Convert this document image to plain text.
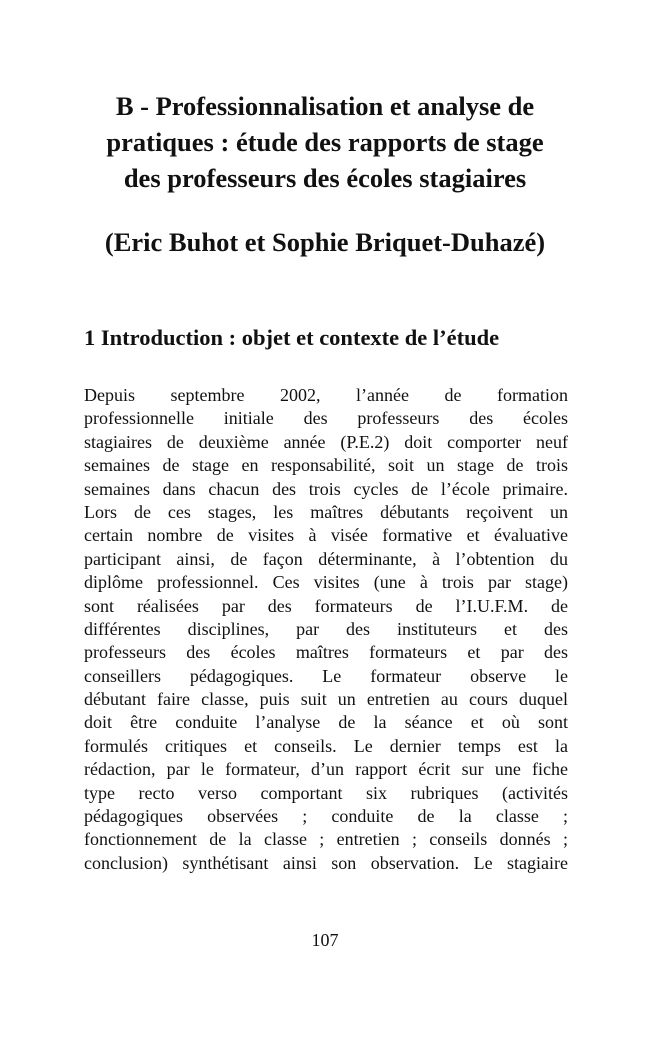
B - Professionnalisation et analyse de
pratiques : étude des rapports de stage
des professeurs des écoles stagiaires
(Eric Buhot et Sophie Briquet-Duhazé)
1 Introduction : objet et contexte de l’étude

Depuis septembre 2002, l’année de formation
professionnelle initiale des professeurs des écoles
stagiaires de deuxième année (P.E.2) doit comporter neuf
semaines de stage en responsabilité, soit un stage de trois
semaines dans chacun des trois cycles de l’école primaire.
Lors de ces stages, les maîtres débutants reçoivent un
certain nombre de visites à visée formative et évaluative
participant ainsi, de façon déterminante, à l’obtention du
diplôme professionnel. Ces visites (une à trois par stage)
sont réalisées par des formateurs de l’I.U.F.M. de
différentes disciplines, par des instituteurs et des
professeurs des écoles maîtres formateurs et par des
conseillers pédagogiques. Le formateur observe le
débutant faire classe, puis suit un entretien au cours duquel
doit être conduite l’analyse de la séance et où sont
formulés critiques et conseils. Le dernier temps est la
rédaction, par le formateur, d’un rapport écrit sur une fiche
type recto verso comportant six rubriques (activités
pédagogiques observées ; conduite de la classe ;
fonctionnement de la classe ; entretien ; conseils donnés ;
conclusion) synthétisant ainsi son observation. Le stagiaire

107
